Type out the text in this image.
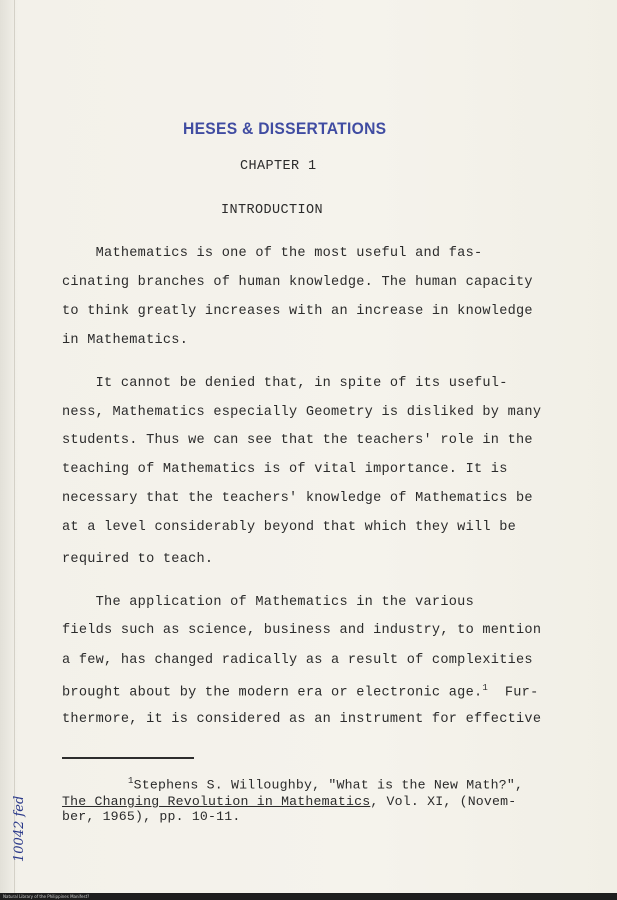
HESES & DISSERTATIONS
10042 fed
CHAPTER 1
INTRODUCTION
Mathematics is one of the most useful and fas-
cinating branches of human knowledge. The human capacity
to think greatly increases with an increase in knowledge
in Mathematics.
It cannot be denied that, in spite of its useful-
ness, Mathematics especially Geometry is disliked by many
students. Thus we can see that the teachers' role in the
teaching of Mathematics is of vital importance. It is
necessary that the teachers' knowledge of Mathematics be
at a level considerably beyond that which they will be
required to teach.
The application of Mathematics in the various
fields such as science, business and industry, to mention
a few, has changed radically as a result of complexities
brought about by the modern era or electronic age.$^1$  Fur-
thermore, it is considered as an instrument for effective
$^1$Stephens S. Willoughby, "What is the New Math?",
The Changing Revolution in Mathematics, Vol. XI, (Novem-
ber, 1965), pp. 10-11.
Natural Library of the Philippines Manifest?
